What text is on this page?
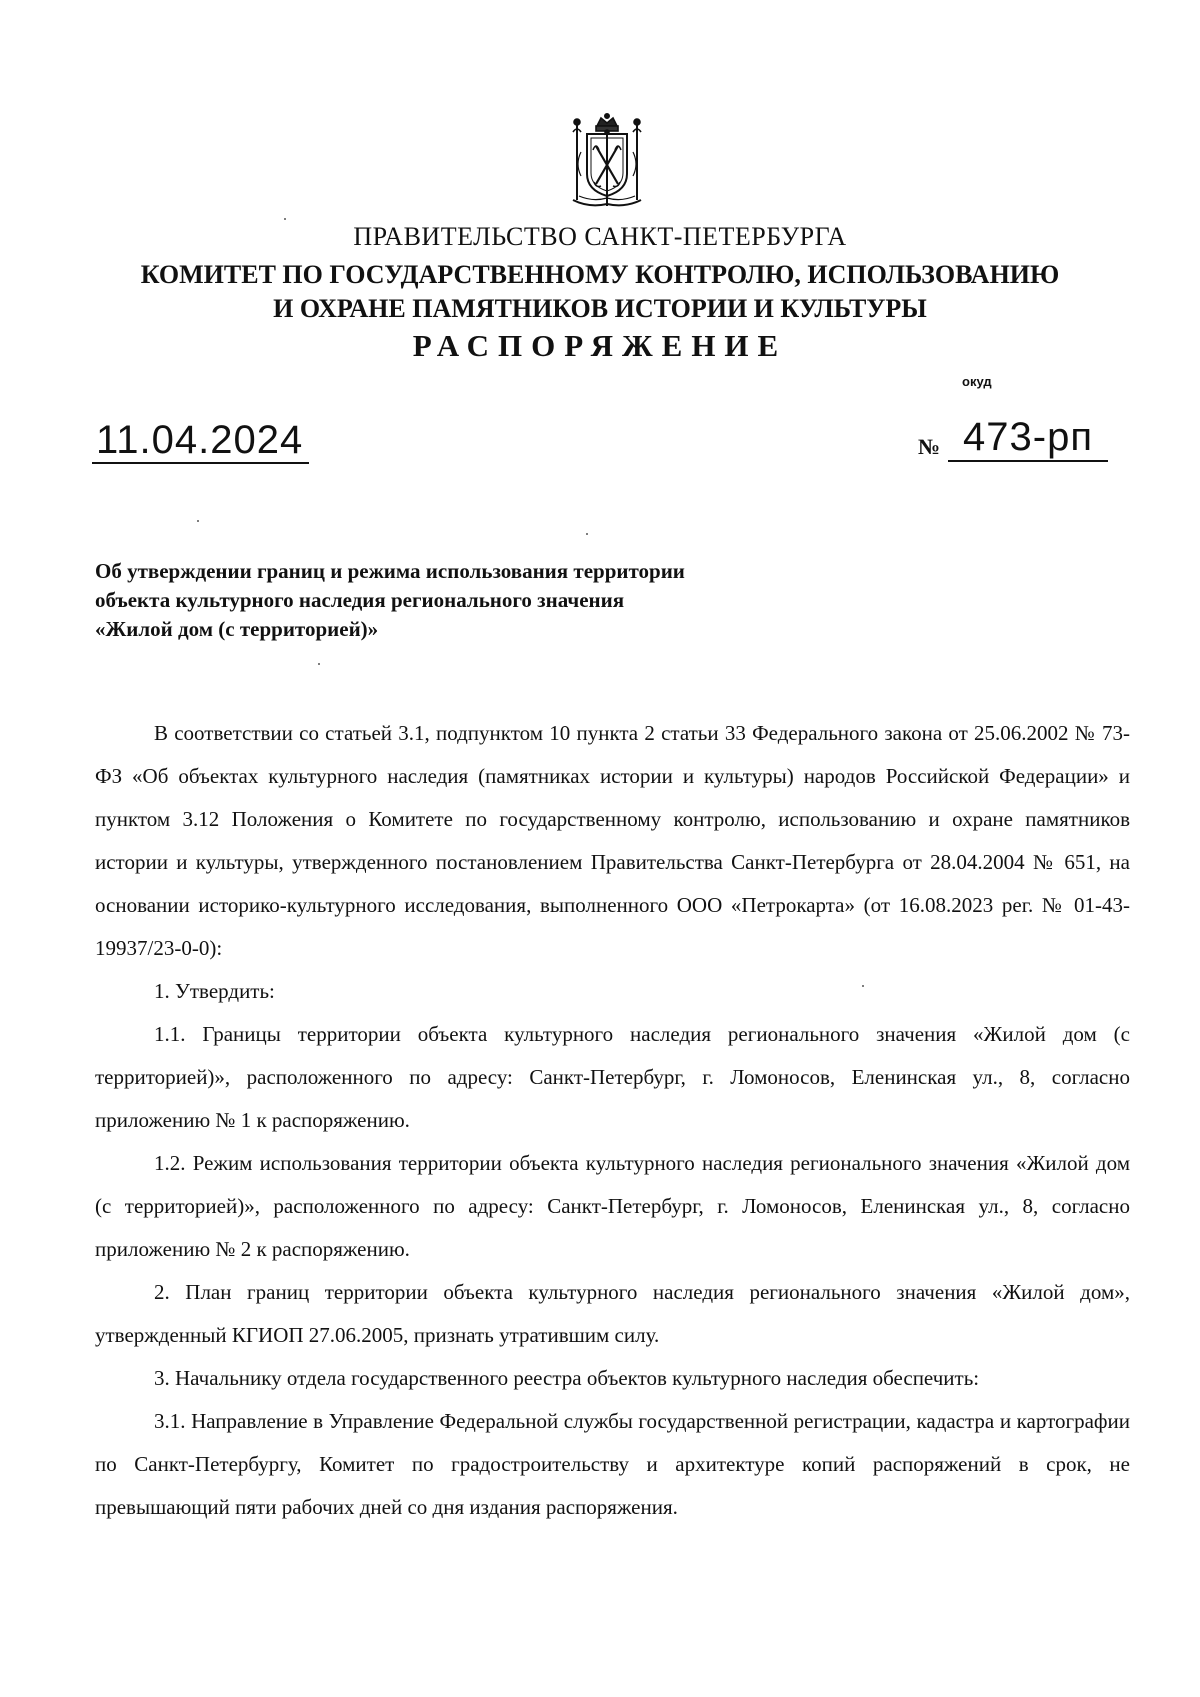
ПРАВИТЕЛЬСТВО САНКТ-ПЕТЕРБУРГА
КОМИТЕТ ПО ГОСУДАРСТВЕННОМУ КОНТРОЛЮ, ИСПОЛЬЗОВАНИЮ
И ОХРАНЕ ПАМЯТНИКОВ ИСТОРИИ И КУЛЬТУРЫ
РАСПОРЯЖЕНИЕ
окуд
11.04.2024	№ 473-рп
Об утверждении границ и режима использования территории
объекта культурного наследия регионального значения
«Жилой дом (с территорией)»

В соответствии со статьей 3.1, подпунктом 10 пункта 2 статьи 33 Федерального закона от 25.06.2002 № 73-ФЗ «Об объектах культурного наследия (памятниках истории и культуры) народов Российской Федерации» и пунктом 3.12 Положения о Комитете по государственному контролю, использованию и охране памятников истории и культуры, утвержденного постановлением Правительства Санкт-Петербурга от 28.04.2004 № 651, на основании историко-культурного исследования, выполненного ООО «Петрокарта» (от 16.08.2023 рег. № 01-43-19937/23-0-0):

1. Утвердить:

1.1. Границы территории объекта культурного наследия регионального значения «Жилой дом (с территорией)», расположенного по адресу: Санкт-Петербург, г. Ломоносов, Еленинская ул., 8, согласно приложению № 1 к распоряжению.

1.2. Режим использования территории объекта культурного наследия регионального значения «Жилой дом (с территорией)», расположенного по адресу: Санкт-Петербург, г. Ломоносов, Еленинская ул., 8, согласно приложению № 2 к распоряжению.

2. План границ территории объекта культурного наследия регионального значения «Жилой дом», утвержденный КГИОП 27.06.2005, признать утратившим силу.

3. Начальнику отдела государственного реестра объектов культурного наследия обеспечить:

3.1. Направление в Управление Федеральной службы государственной регистрации, кадастра и картографии по Санкт-Петербургу, Комитет по градостроительству и архитектуре копий распоряжений в срок, не превышающий пяти рабочих дней со дня издания распоряжения.
